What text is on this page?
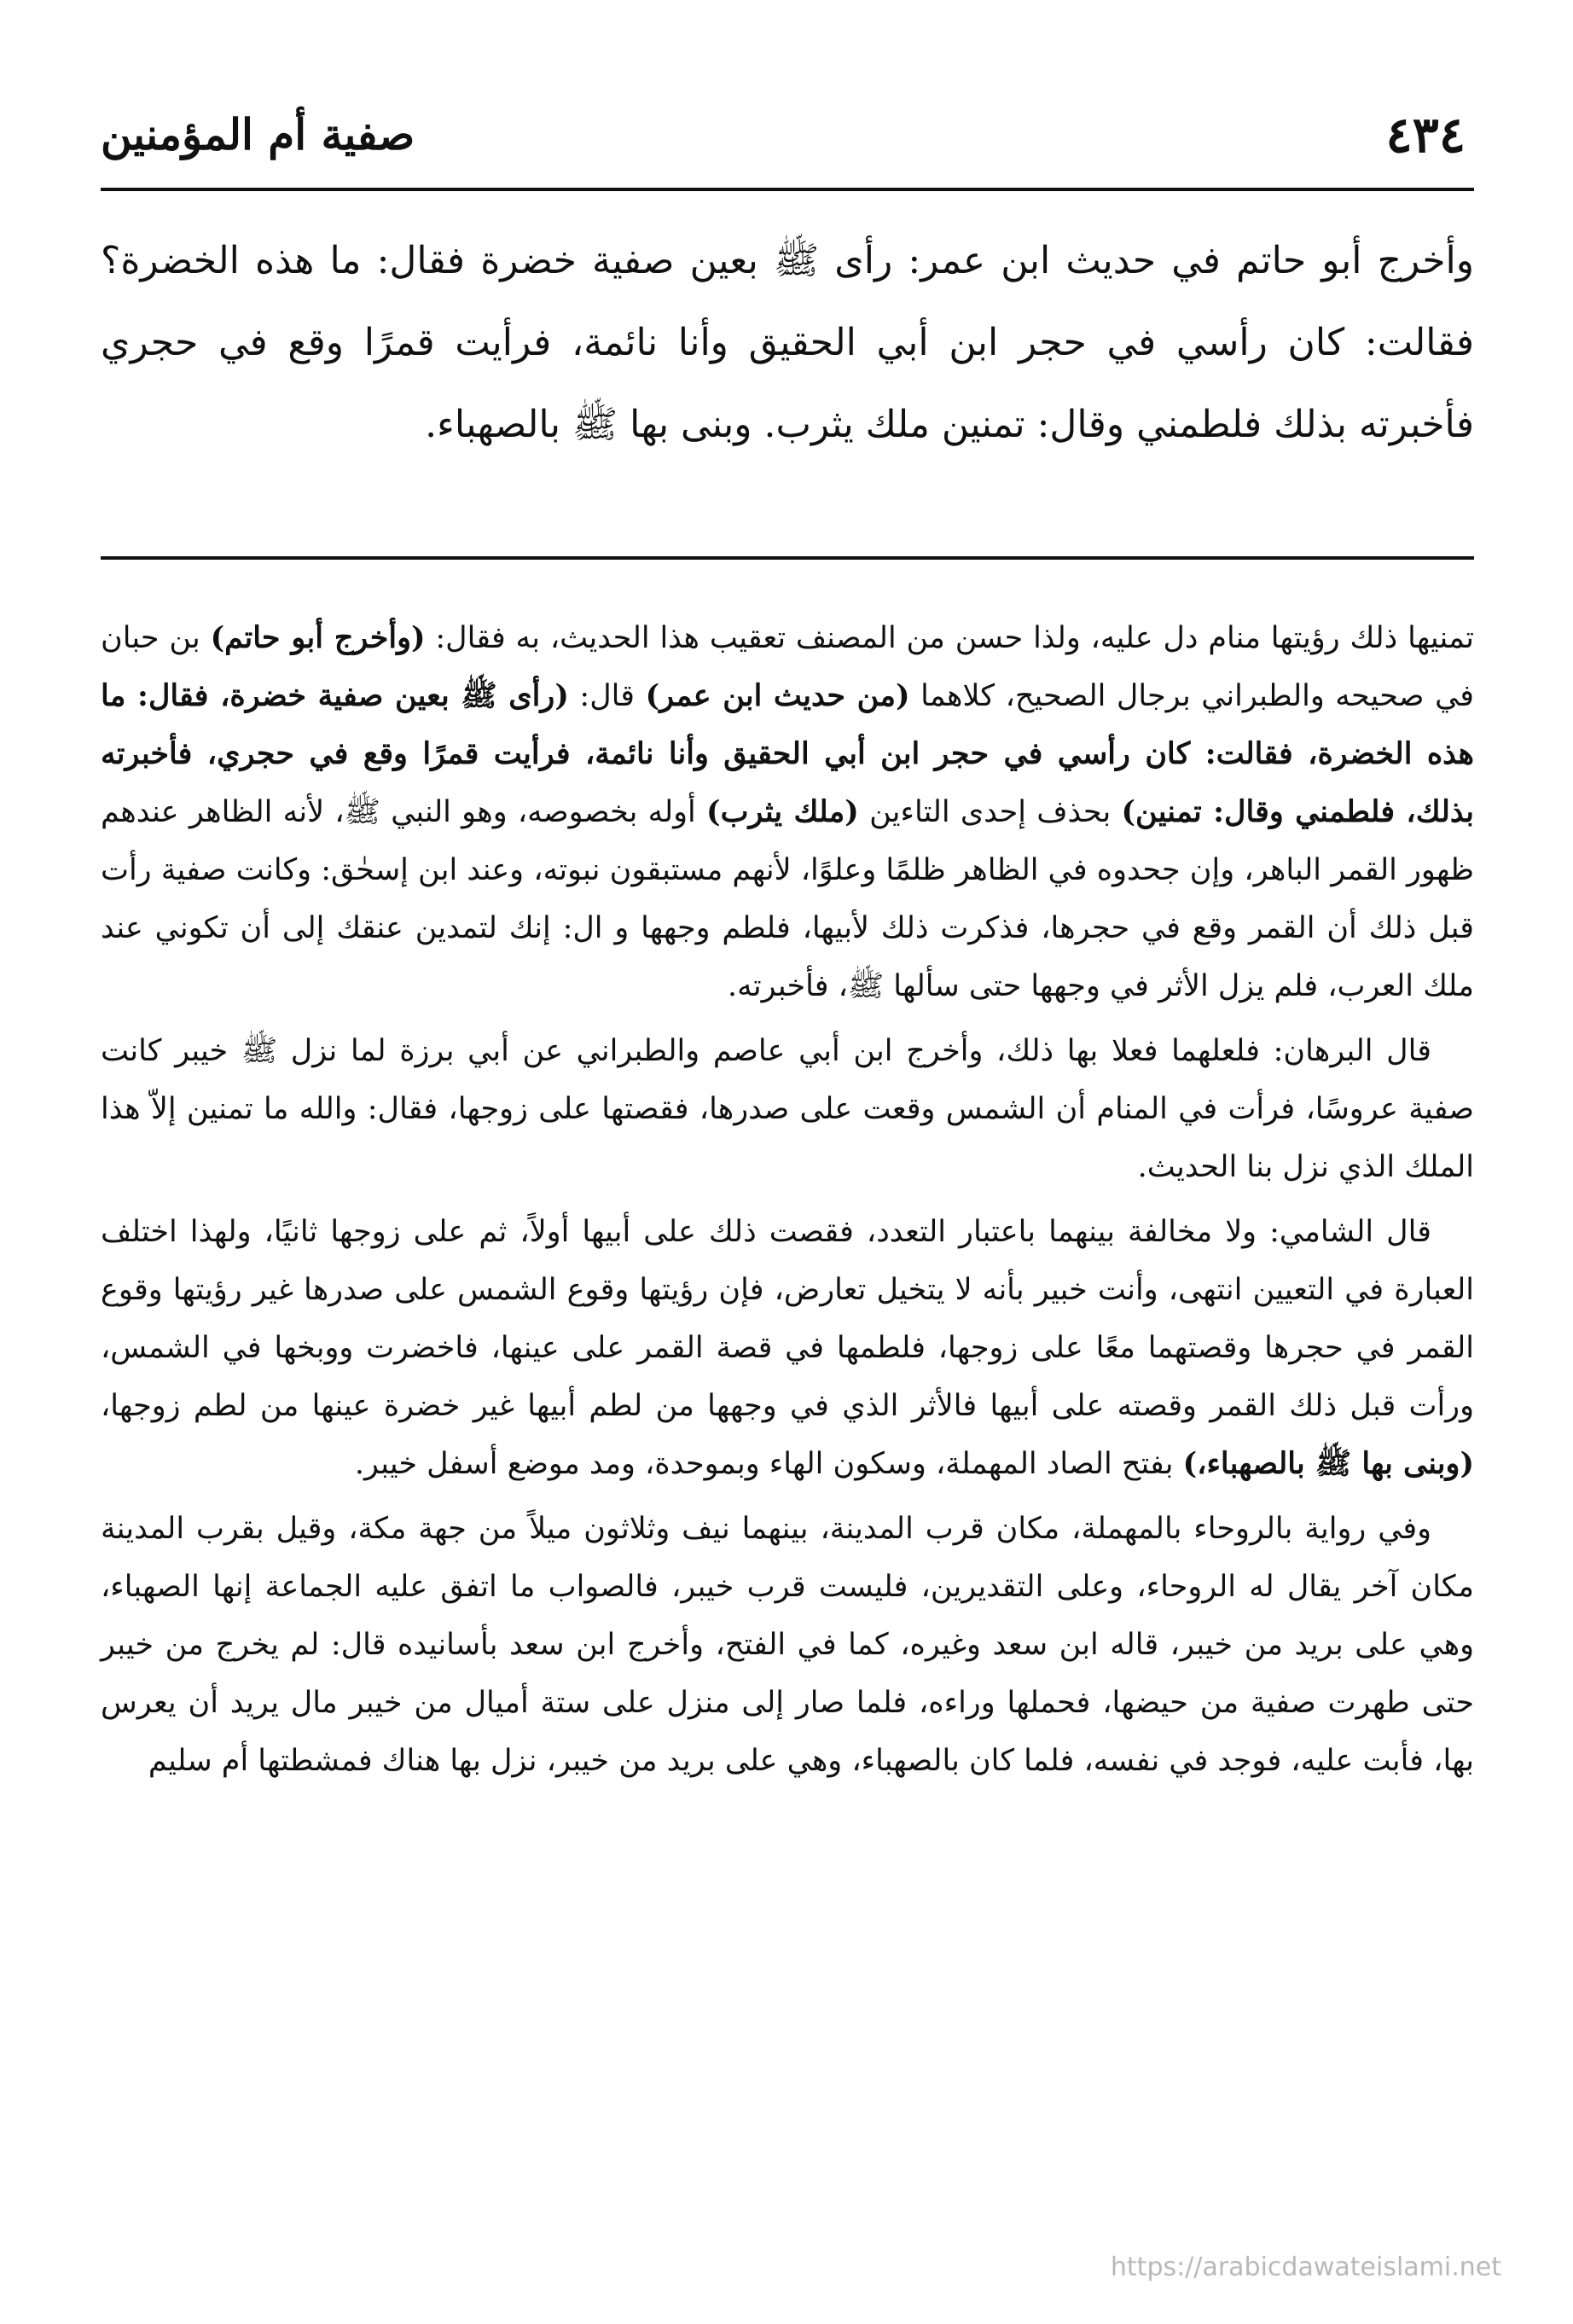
٤٣٤
صفية أم المؤمنين
وأخرج أبو حاتم في حديث ابن عمر: رأى ﷺ بعين صفية خضرة فقال: ما هذه الخضرة؟ فقالت: كان رأسي في حجر ابن أبي الحقيق وأنا نائمة، فرأيت قمرًا وقع في حجري فأخبرته بذلك فلطمني وقال: تمنين ملك يثرب. وبنى بها ﷺ بالصهباء.

تمنيها ذلك رؤيتها منام دل عليه، ولذا حسن من المصنف تعقيب هذا الحديث، به فقال: (وأخرج أبو حاتم) بن حبان في صحيحه والطبراني برجال الصحيح، كلاهما (من حديث ابن عمر) قال: (رأى ﷺ بعين صفية خضرة، فقال: ما هذه الخضرة، فقالت: كان رأسي في حجر ابن أبي الحقيق وأنا نائمة، فرأيت قمرًا وقع في حجري، فأخبرته بذلك، فلطمني وقال: تمنين) بحذف إحدى التاءين (ملك يثرب) أوله بخصوصه، وهو النبي ﷺ، لأنه الظاهر عندهم ظهور القمر الباهر، وإن جحدوه في الظاهر ظلمًا وعلوًا، لأنهم مستبقون نبوته، وعند ابن إسحٰق: وكانت صفية رأت قبل ذلك أن القمر وقع في حجرها، فذكرت ذلك لأبيها، فلطم وجهها و ال: إنك لتمدين عنقك إلى أن تكوني عند ملك العرب، فلم يزل الأثر في وجهها حتى سألها ﷺ، فأخبرته.

قال البرهان: فلعلهما فعلا بها ذلك، وأخرج ابن أبي عاصم والطبراني عن أبي برزة لما نزل ﷺ خيبر كانت صفية عروسًا، فرأت في المنام أن الشمس وقعت على صدرها، فقصتها على زوجها، فقال: والله ما تمنين إلاّ هذا الملك الذي نزل بنا الحديث.

قال الشامي: ولا مخالفة بينهما باعتبار التعدد، فقصت ذلك على أبيها أولاً، ثم على زوجها ثانيًا، ولهذا اختلف العبارة في التعيين انتهى، وأنت خبير بأنه لا يتخيل تعارض، فإن رؤيتها وقوع الشمس على صدرها غير رؤيتها وقوع القمر في حجرها وقصتهما معًا على زوجها، فلطمها في قصة القمر على عينها، فاخضرت ووبخها في الشمس، ورأت قبل ذلك القمر وقصته على أبيها فالأثر الذي في وجهها من لطم أبيها غير خضرة عينها من لطم زوجها، (وبنى بها ﷺ بالصهباء،) بفتح الصاد المهملة، وسكون الهاء وبموحدة، ومد موضع أسفل خيبر.

وفي رواية بالروحاء بالمهملة، مكان قرب المدينة، بينهما نيف وثلاثون ميلاً من جهة مكة، وقيل بقرب المدينة مكان آخر يقال له الروحاء، وعلى التقديرين، فليست قرب خيبر، فالصواب ما اتفق عليه الجماعة إنها الصهباء، وهي على بريد من خيبر، قاله ابن سعد وغيره، كما في الفتح، وأخرج ابن سعد بأسانيده قال: لم يخرج من خيبر حتى طهرت صفية من حيضها، فحملها وراءه، فلما صار إلى منزل على ستة أميال من خيبر مال يريد أن يعرس بها، فأبت عليه، فوجد في نفسه، فلما كان بالصهباء، وهي على بريد من خيبر، نزل بها هناك فمشطتها أم سليم

https://arabicdawateislami.net
